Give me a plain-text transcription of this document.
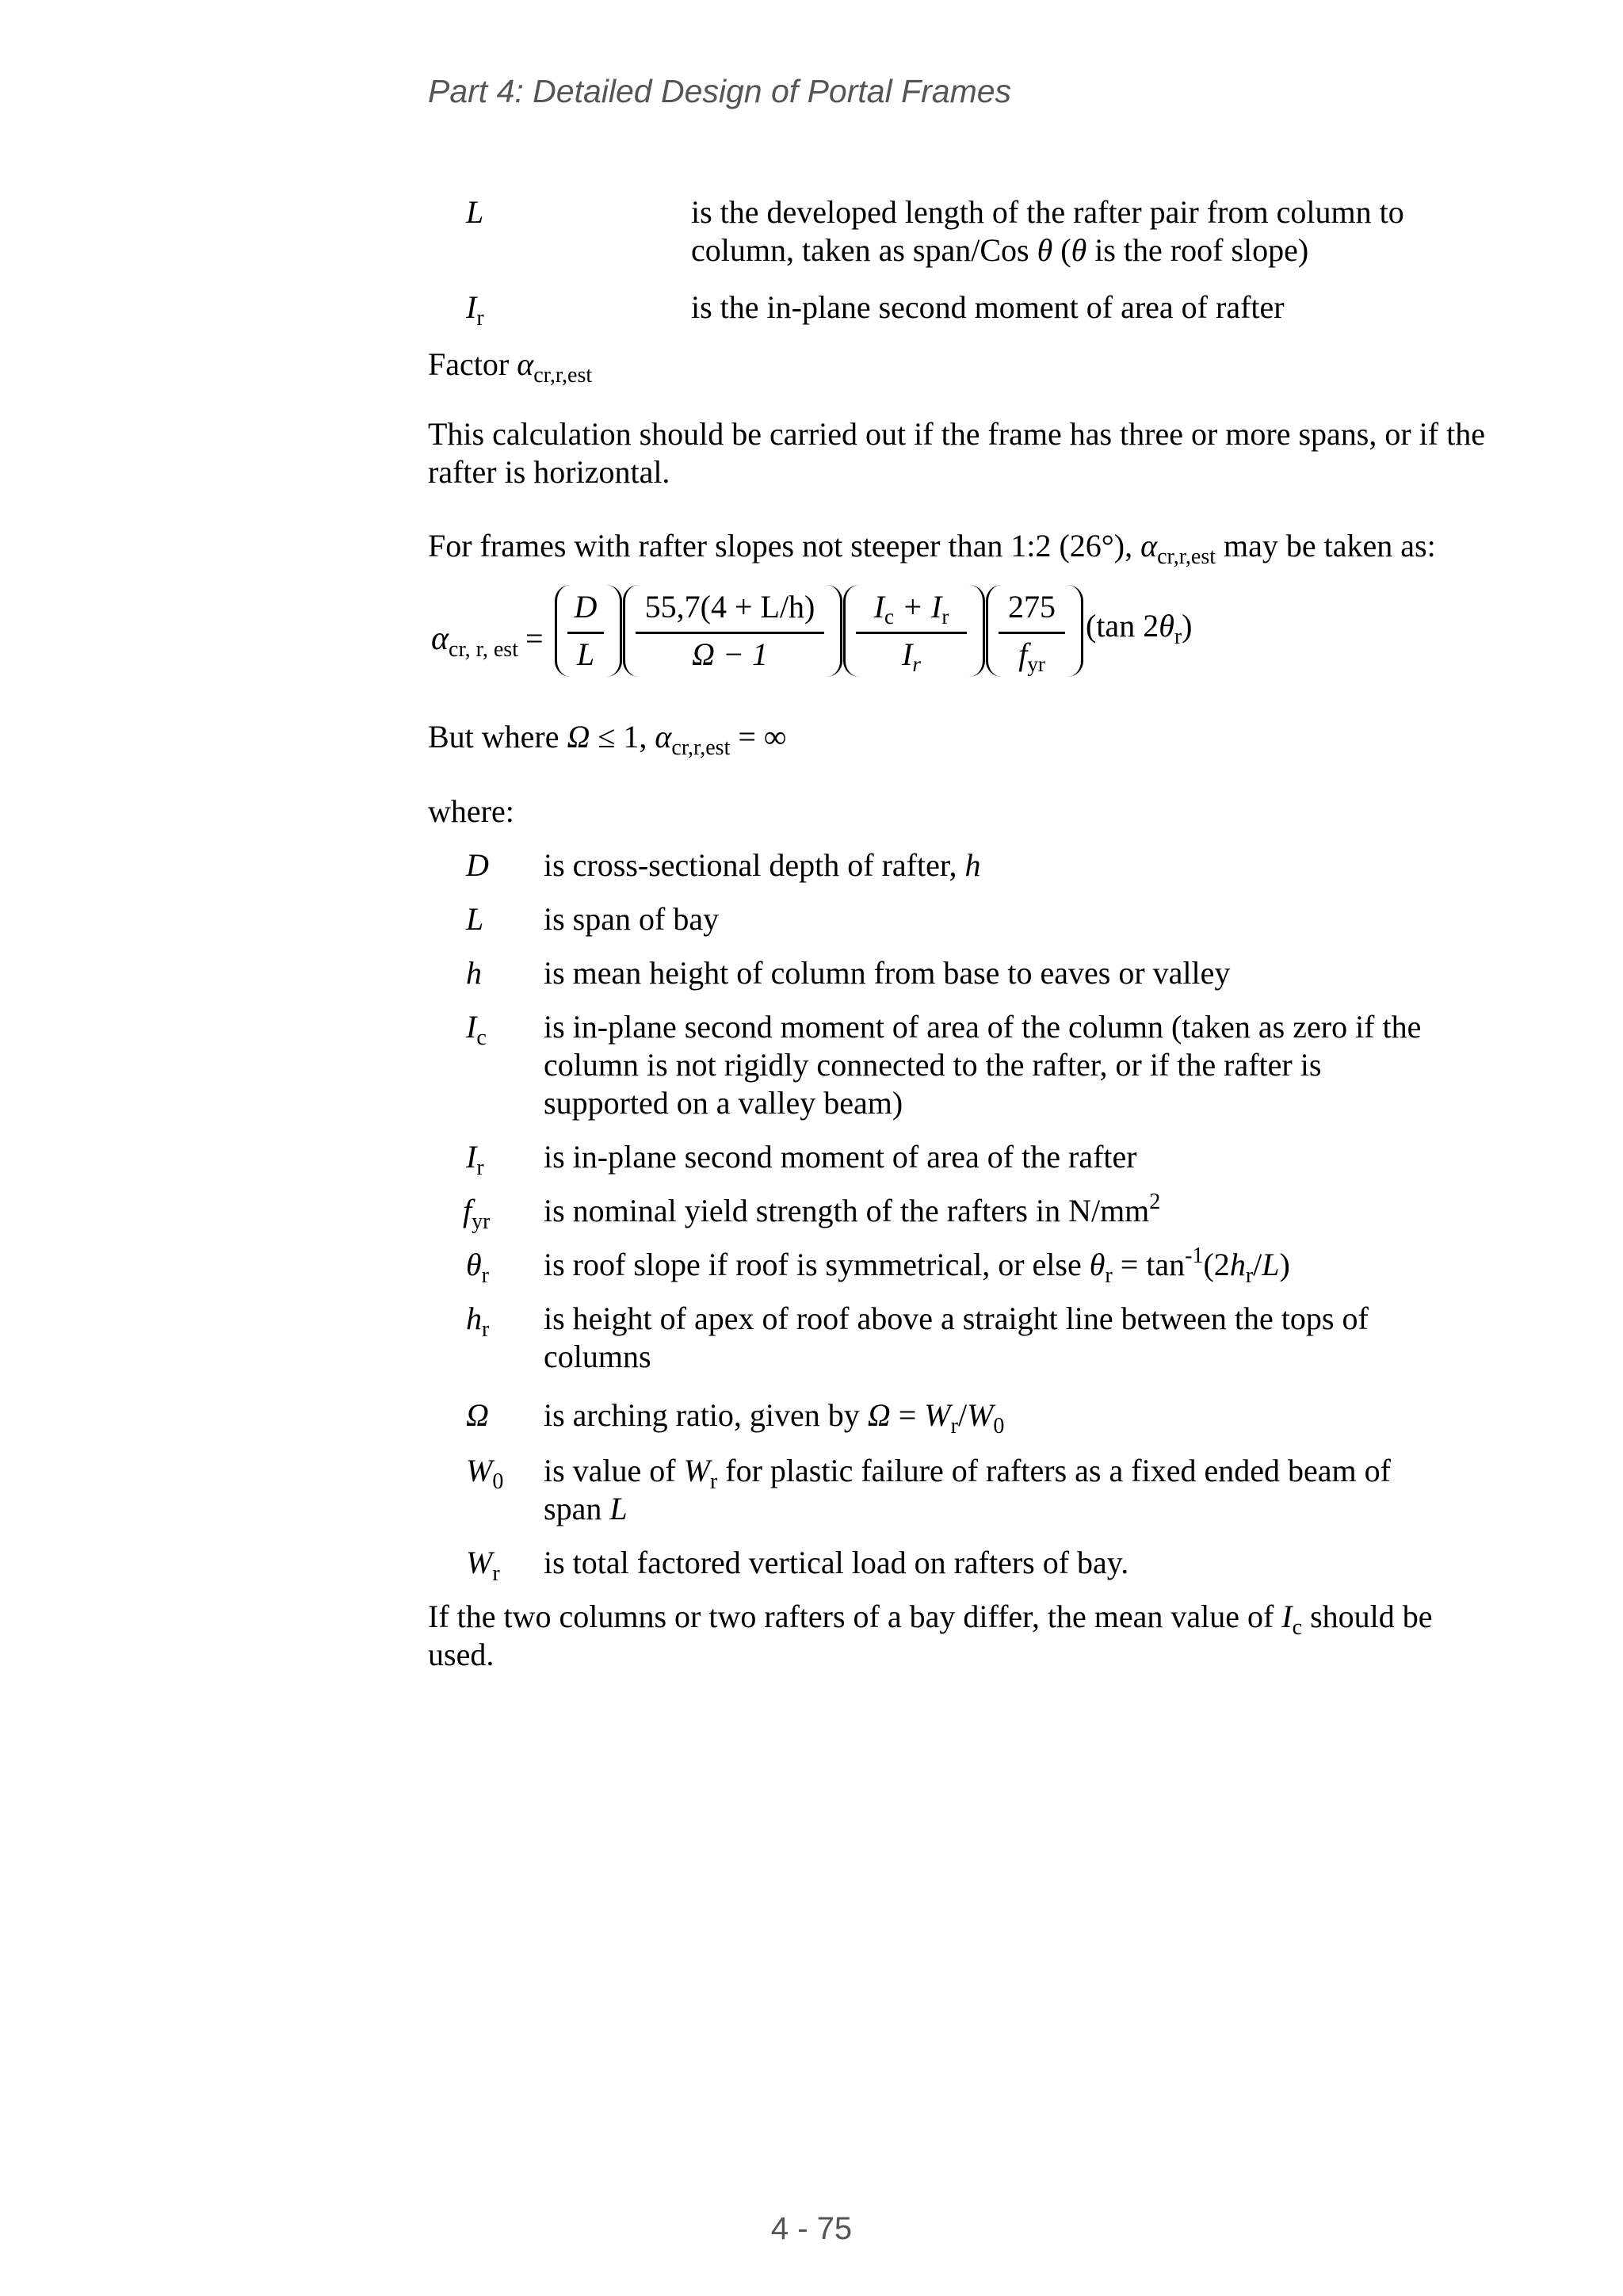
Part 4: Detailed Design of Portal Frames
L	is the developed length of the rafter pair from column to
column, taken as span/Cos θ (θ is the roof slope)
$I_r$	is the in-plane second moment of area of rafter
Factor $\alpha_{cr,r,est}$
This calculation should be carried out if the frame has three or more spans, or if the rafter is horizontal.
For frames with rafter slopes not steeper than 1:2 (26°), $\alpha_{cr,r,est}$ may be taken as:
$\alpha_{cr, r, est}$ =
D
L
55,7(4 + L/h)
Ω − 1
$I_c + I_r$
$I_r$
275
$f_{yr}$
(tan $2\theta_r$)
But where Ω ≤ 1, $\alpha_{cr,r,est}$ = ∞
where:
D is cross-sectional depth of rafter, h
L is span of bay
h is mean height of column from base to eaves or valley
$I_c$ is in-plane second moment of area of the column (taken as zero if the
column is not rigidly connected to the rafter, or if the rafter is
supported on a valley beam)
$I_r$ is in-plane second moment of area of the rafter
$f_{yr}$ is nominal yield strength of the rafters in $N/mm^2$
$\theta_r$ is roof slope if roof is symmetrical, or else $\theta_r = \tan^{-1}(2h_r/L)$
$h_r$ is height of apex of roof above a straight line between the tops of
columns
Ω is arching ratio, given by $\Omega = W_r/W_0$
$W_0$ is value of $W_r$ for plastic failure of rafters as a fixed ended beam of
span L
$W_r$ is total factored vertical load on rafters of bay.
If the two columns or two rafters of a bay differ, the mean value of $I_c$ should be used.
4 - 75
